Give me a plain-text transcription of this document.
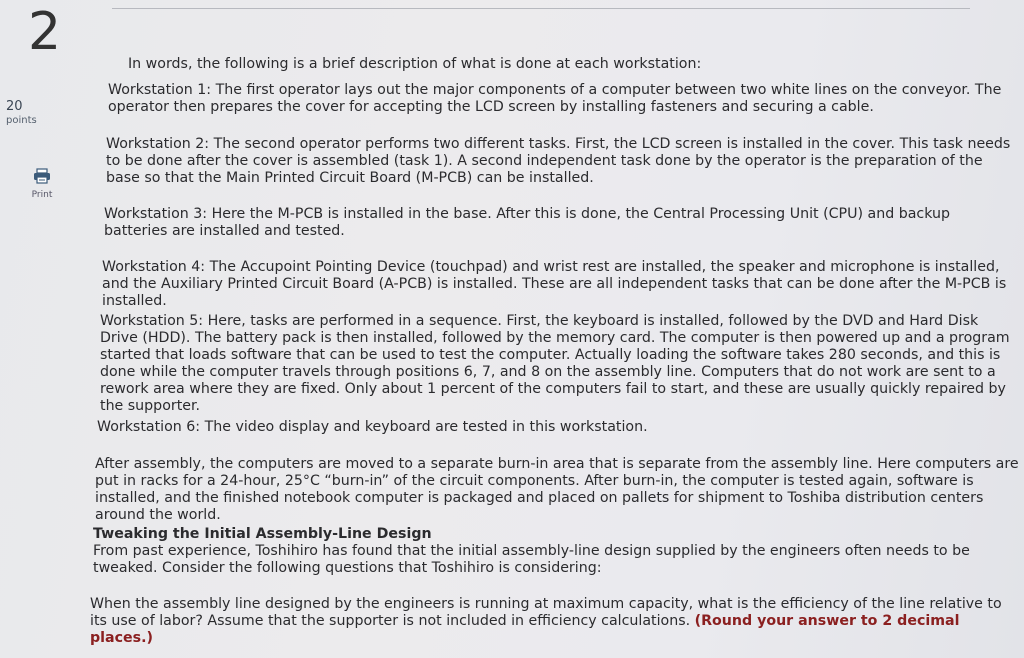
2
20
points
Print

In words, the following is a brief description of what is done at each workstation:

Workstation 1: The first operator lays out the major components of a computer between two white lines on the conveyor. The operator then prepares the cover for accepting the LCD screen by installing fasteners and securing a cable.

Workstation 2: The second operator performs two different tasks. First, the LCD screen is installed in the cover. This task needs to be done after the cover is assembled (task 1). A second independent task done by the operator is the preparation of the base so that the Main Printed Circuit Board (M-PCB) can be installed.

Workstation 3: Here the M-PCB is installed in the base. After this is done, the Central Processing Unit (CPU) and backup batteries are installed and tested.

Workstation 4: The Accupoint Pointing Device (touchpad) and wrist rest are installed, the speaker and microphone is installed, and the Auxiliary Printed Circuit Board (A-PCB) is installed. These are all independent tasks that can be done after the M-PCB is installed.

Workstation 5: Here, tasks are performed in a sequence. First, the keyboard is installed, followed by the DVD and Hard Disk Drive (HDD). The battery pack is then installed, followed by the memory card. The computer is then powered up and a program started that loads software that can be used to test the computer. Actually loading the software takes 280 seconds, and this is done while the computer travels through positions 6, 7, and 8 on the assembly line. Computers that do not work are sent to a rework area where they are fixed. Only about 1 percent of the computers fail to start, and these are usually quickly repaired by the supporter.

Workstation 6: The video display and keyboard are tested in this workstation.

After assembly, the computers are moved to a separate burn-in area that is separate from the assembly line. Here computers are put in racks for a 24-hour, 25°C “burn-in” of the circuit components. After burn-in, the computer is tested again, software is installed, and the finished notebook computer is packaged and placed on pallets for shipment to Toshiba distribution centers around the world.

Tweaking the Initial Assembly-Line Design
From past experience, Toshihiro has found that the initial assembly-line design supplied by the engineers often needs to be tweaked. Consider the following questions that Toshihiro is considering:

When the assembly line designed by the engineers is running at maximum capacity, what is the efficiency of the line relative to its use of labor? Assume that the supporter is not included in efficiency calculations. (Round your answer to 2 decimal places.)
